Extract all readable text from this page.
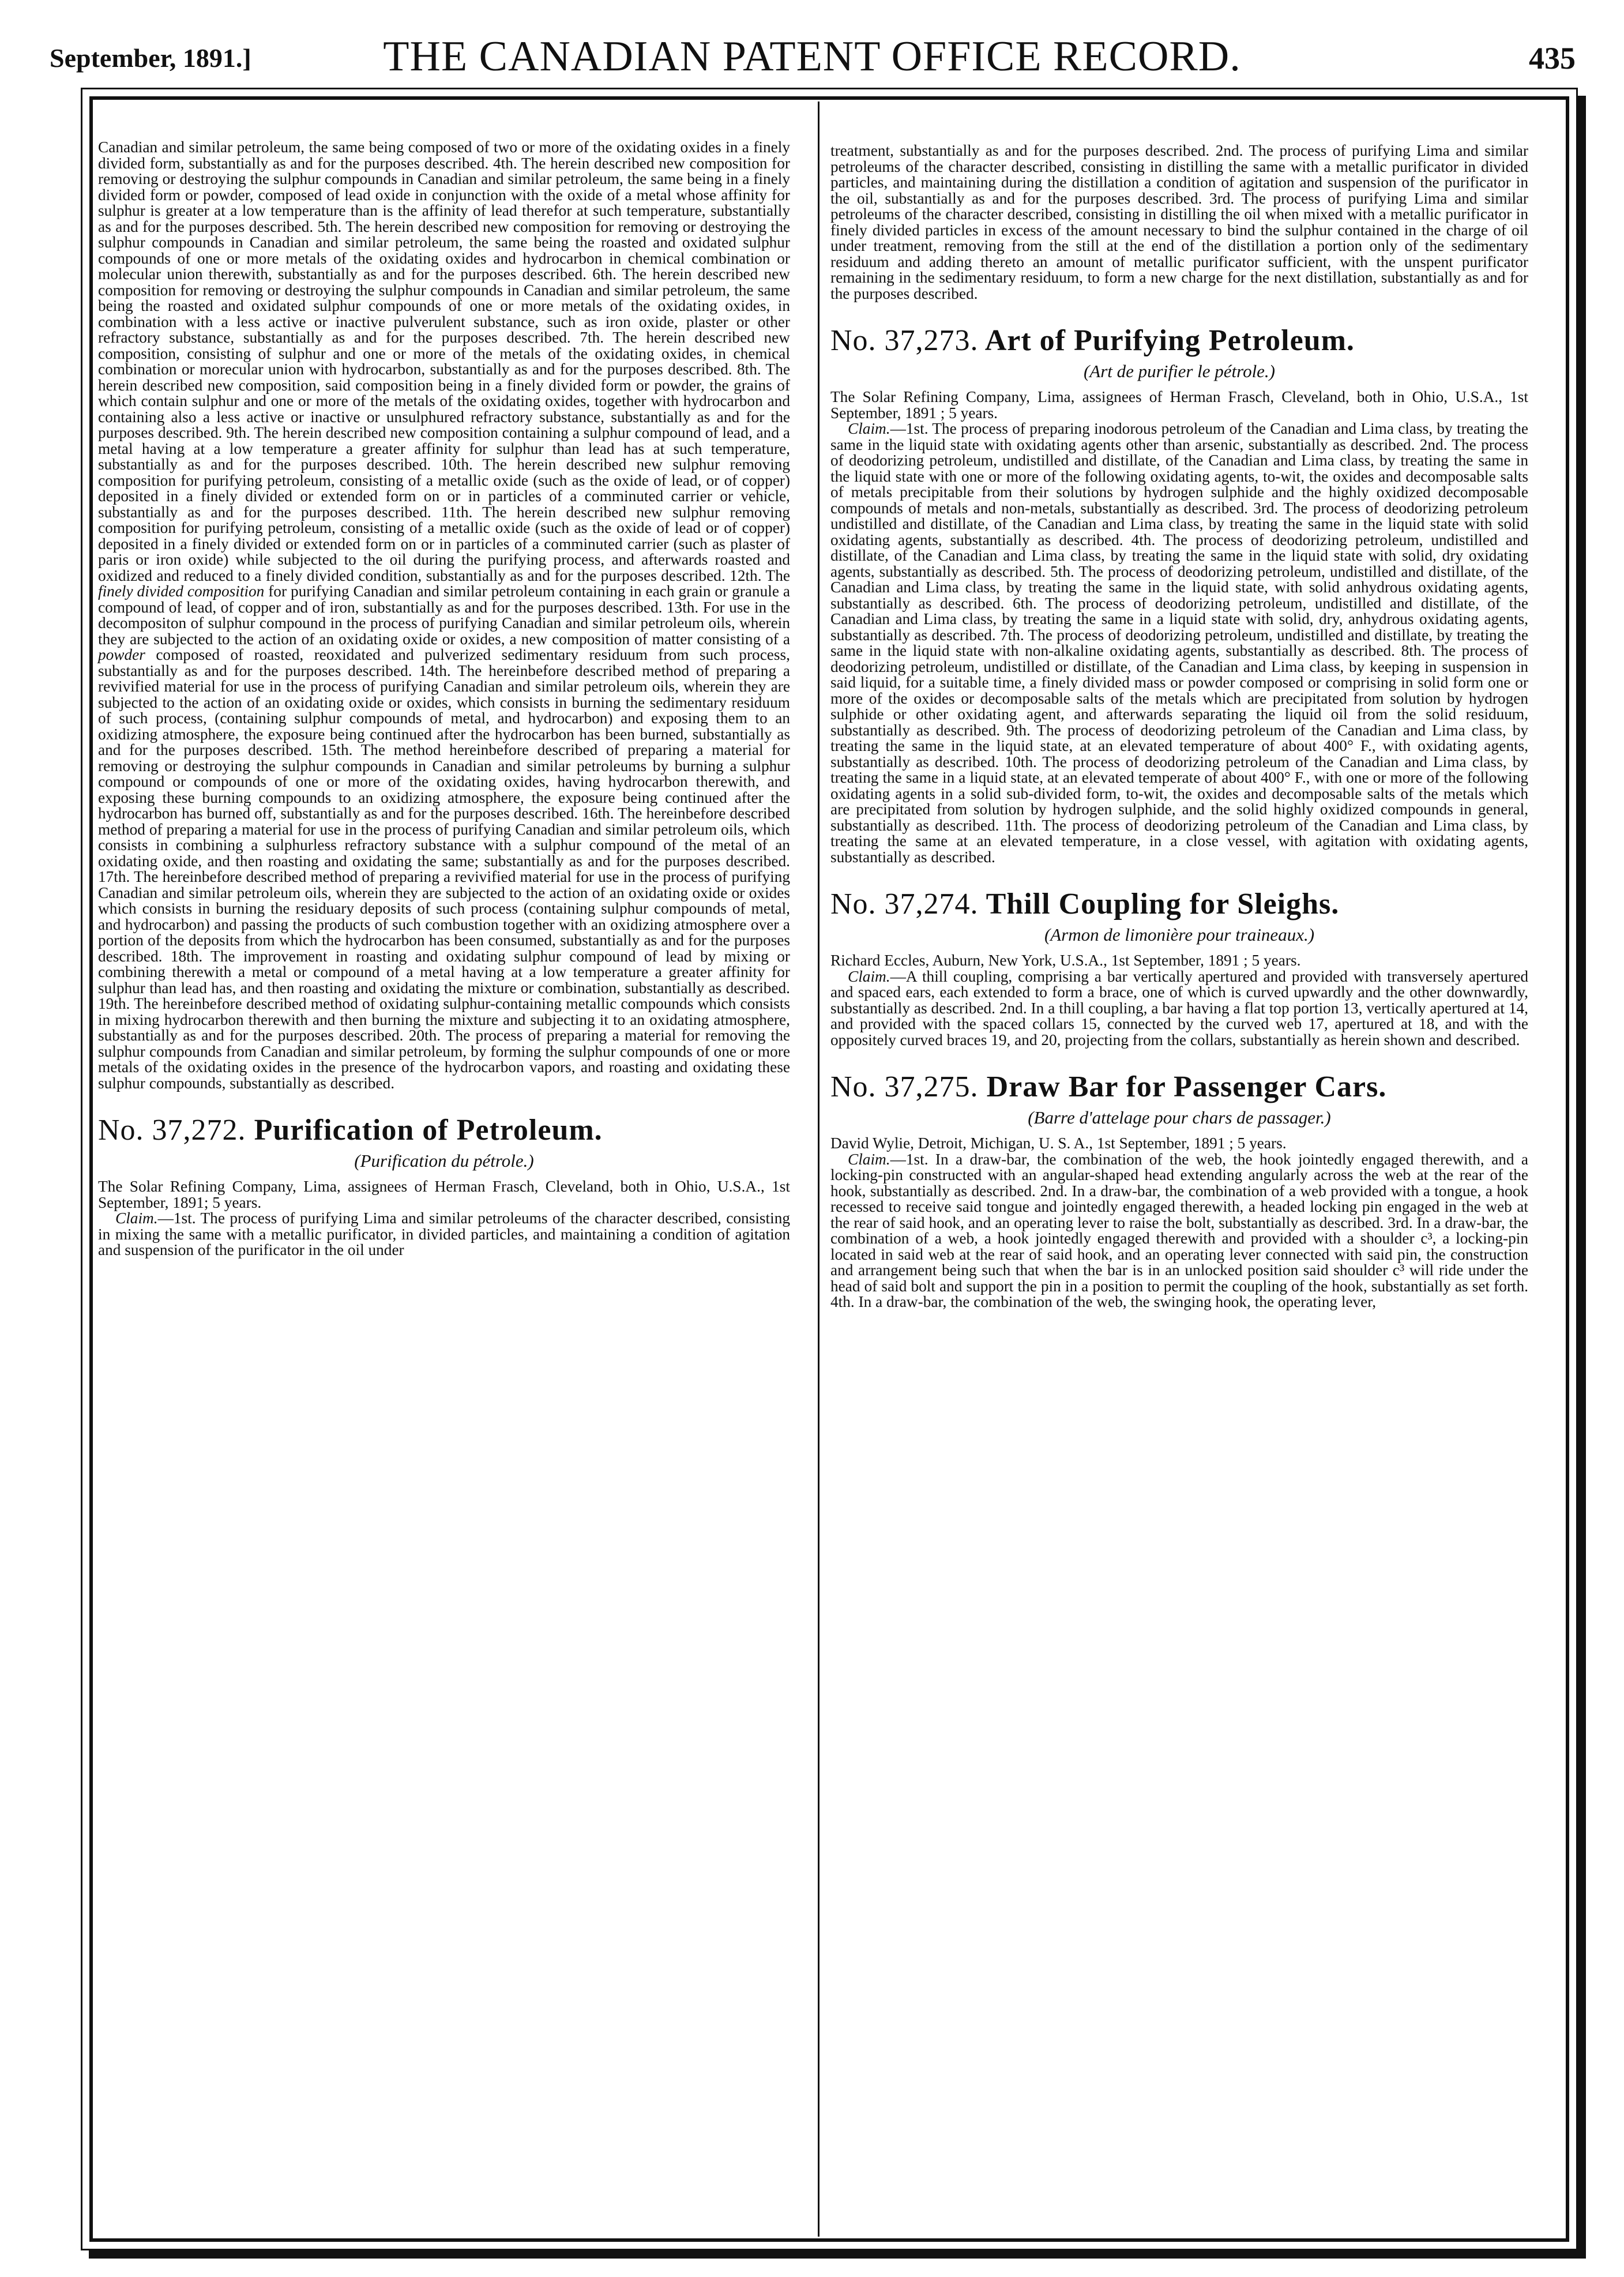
September, 1891.]	THE CANADIAN PATENT OFFICE RECORD.	435

Canadian and similar petroleum, the same being composed of two or more of the oxidating oxides in a finely divided form, substantially as and for the purposes described. 4th. The herein described new composition for removing or destroying the sulphur compounds in Canadian and similar petroleum, the same being in a finely divided form or powder, composed of lead oxide in conjunction with the oxide of a metal whose affinity for sulphur is greater at a low temperature than is the affinity of lead therefor at such temperature, substantially as and for the purposes described. 5th. The herein described new composition for removing or destroying the sulphur compounds in Canadian and similar petroleum, the same being the roasted and oxidated sulphur compounds of one or more metals of the oxidating oxides and hydrocarbon in chemical combination or molecular union therewith, substantially as and for the purposes described. 6th. The herein described new composition for removing or destroying the sulphur compounds in Canadian and similar petroleum, the same being the roasted and oxidated sulphur compounds of one or more metals of the oxidating oxides, in combination with a less active or inactive pulverulent substance, such as iron oxide, plaster or other refractory substance, substantially as and for the purposes described. 7th. The herein described new composition, consisting of sulphur and one or more of the metals of the oxidating oxides, in chemical combination or morecular union with hydrocarbon, substantially as and for the purposes described. 8th. The herein described new composition, said composition being in a finely divided form or powder, the grains of which contain sulphur and one or more of the metals of the oxidating oxides, together with hydrocarbon and containing also a less active or inactive or unsulphured refractory substance, substantially as and for the purposes described. 9th. The herein described new composition containing a sulphur compound of lead, and a metal having at a low temperature a greater affinity for sulphur than lead has at such temperature, substantially as and for the purposes described. 10th. The herein described new sulphur removing composition for purifying petroleum, consisting of a metallic oxide (such as the oxide of lead, or of copper) deposited in a finely divided or extended form on or in particles of a comminuted carrier or vehicle, substantially as and for the purposes described. 11th. The herein described new sulphur removing composition for purifying petroleum, consisting of a metallic oxide (such as the oxide of lead or of copper) deposited in a finely divided or extended form on or in particles of a comminuted carrier (such as plaster of paris or iron oxide) while subjected to the oil during the purifying process, and afterwards roasted and oxidized and reduced to a finely divided condition, substantially as and for the purposes described. 12th. The finely divided composition for purifying Canadian and similar petroleum containing in each grain or granule a compound of lead, of copper and of iron, substantially as and for the purposes described. 13th. For use in the decompositon of sulphur compound in the process of purifying Canadian and similar petroleum oils, wherein they are subjected to the action of an oxidating oxide or oxides, a new composition of matter consisting of a powder composed of roasted, reoxidated and pulverized sedimentary residuum from such process, substantially as and for the purposes described. 14th. The hereinbefore described method of preparing a revivified material for use in the process of purifying Canadian and similar petroleum oils, wherein they are subjected to the action of an oxidating oxide or oxides, which consists in burning the sedimentary residuum of such process, (containing sulphur compounds of metal, and hydrocarbon) and exposing them to an oxidizing atmosphere, the exposure being continued after the hydrocarbon has been burned, substantially as and for the purposes described. 15th. The method hereinbefore described of preparing a material for removing or destroying the sulphur compounds in Canadian and similar petroleums by burning a sulphur compound or compounds of one or more of the oxidating oxides, having hydrocarbon therewith, and exposing these burning compounds to an oxidizing atmosphere, the exposure being continued after the hydrocarbon has burned off, substantially as and for the purposes described. 16th. The hereinbefore described method of preparing a material for use in the process of purifying Canadian and similar petroleum oils, which consists in combining a sulphurless refractory substance with a sulphur compound of the metal of an oxidating oxide, and then roasting and oxidating the same; substantially as and for the purposes described. 17th. The hereinbefore described method of preparing a revivified material for use in the process of purifying Canadian and similar petroleum oils, wherein they are subjected to the action of an oxidating oxide or oxides which consists in burning the residuary deposits of such process (containing sulphur compounds of metal, and hydrocarbon) and passing the products of such combustion together with an oxidizing atmosphere over a portion of the deposits from which the hydrocarbon has been consumed, substantially as and for the purposes described. 18th. The improvement in roasting and oxidating sulphur compound of lead by mixing or combining therewith a metal or compound of a metal having at a low temperature a greater affinity for sulphur than lead has, and then roasting and oxidating the mixture or combination, substantially as described. 19th. The hereinbefore described method of oxidating sulphur-containing metallic compounds which consists in mixing hydrocarbon therewith and then burning the mixture and subjecting it to an oxidating atmosphere, substantially as and for the purposes described. 20th. The process of preparing a material for removing the sulphur compounds from Canadian and similar petroleum, by forming the sulphur compounds of one or more metals of the oxidating oxides in the presence of the hydrocarbon vapors, and roasting and oxidating these sulphur compounds, substantially as described.

No. 37,272. Purification of Petroleum.
(Purification du pétrole.)

The Solar Refining Company, Lima, assignees of Herman Frasch, Cleveland, both in Ohio, U.S.A., 1st September, 1891; 5 years.

Claim.—1st. The process of purifying Lima and similar petroleums of the character described, consisting in mixing the same with a metallic purificator, in divided particles, and maintaining a condition of agitation and suspension of the purificator in the oil under

treatment, substantially as and for the purposes described. 2nd. The process of purifying Lima and similar petroleums of the character described, consisting in distilling the same with a metallic purificator in divided particles, and maintaining during the distillation a condition of agitation and suspension of the purificator in the oil, substantially as and for the purposes described. 3rd. The process of purifying Lima and similar petroleums of the character described, consisting in distilling the oil when mixed with a metallic purificator in finely divided particles in excess of the amount necessary to bind the sulphur contained in the charge of oil under treatment, removing from the still at the end of the distillation a portion only of the sedimentary residuum and adding thereto an amount of metallic purificator sufficient, with the unspent purificator remaining in the sedimentary residuum, to form a new charge for the next distillation, substantially as and for the purposes described.

No. 37,273. Art of Purifying Petroleum.
(Art de purifier le pétrole.)

The Solar Refining Company, Lima, assignees of Herman Frasch, Cleveland, both in Ohio, U.S.A., 1st September, 1891 ; 5 years.

Claim.—1st. The process of preparing inodorous petroleum of the Canadian and Lima class, by treating the same in the liquid state with oxidating agents other than arsenic, substantially as described. 2nd. The process of deodorizing petroleum, undistilled and distillate, of the Canadian and Lima class, by treating the same in the liquid state with one or more of the following oxidating agents, to-wit, the oxides and decomposable salts of metals precipitable from their solutions by hydrogen sulphide and the highly oxidized decomposable compounds of metals and non-metals, substantially as described. 3rd. The process of deodorizing petroleum undistilled and distillate, of the Canadian and Lima class, by treating the same in the liquid state with solid oxidating agents, substantially as described. 4th. The process of deodorizing petroleum, undistilled and distillate, of the Canadian and Lima class, by treating the same in the liquid state with solid, dry oxidating agents, substantially as described. 5th. The process of deodorizing petroleum, undistilled and distillate, of the Canadian and Lima class, by treating the same in the liquid state, with solid anhydrous oxidating agents, substantially as described. 6th. The process of deodorizing petroleum, undistilled and distillate, of the Canadian and Lima class, by treating the same in a liquid state with solid, dry, anhydrous oxidating agents, substantially as described. 7th. The process of deodorizing petroleum, undistilled and distillate, by treating the same in the liquid state with non-alkaline oxidating agents, substantially as described. 8th. The process of deodorizing petroleum, undistilled or distillate, of the Canadian and Lima class, by keeping in suspension in said liquid, for a suitable time, a finely divided mass or powder composed or comprising in solid form one or more of the oxides or decomposable salts of the metals which are precipitated from solution by hydrogen sulphide or other oxidating agent, and afterwards separating the liquid oil from the solid residuum, substantially as described. 9th. The process of deodorizing petroleum of the Canadian and Lima class, by treating the same in the liquid state, at an elevated temperature of about 400° F., with oxidating agents, substantially as described. 10th. The process of deodorizing petroleum of the Canadian and Lima class, by treating the same in a liquid state, at an elevated temperate of about 400° F., with one or more of the following oxidating agents in a solid sub-divided form, to-wit, the oxides and decomposable salts of the metals which are precipitated from solution by hydrogen sulphide, and the solid highly oxidized compounds in general, substantially as described. 11th. The process of deodorizing petroleum of the Canadian and Lima class, by treating the same at an elevated temperature, in a close vessel, with agitation with oxidating agents, substantially as described.

No. 37,274. Thill Coupling for Sleighs.
(Armon de limonière pour traineaux.)

Richard Eccles, Auburn, New York, U.S.A., 1st September, 1891 ; 5 years.

Claim.—A thill coupling, comprising a bar vertically apertured and provided with transversely apertured and spaced ears, each extended to form a brace, one of which is curved upwardly and the other downwardly, substantially as described. 2nd. In a thill coupling, a bar having a flat top portion 13, vertically apertured at 14, and provided with the spaced collars 15, connected by the curved web 17, apertured at 18, and with the oppositely curved braces 19, and 20, projecting from the collars, substantially as herein shown and described.

No. 37,275. Draw Bar for Passenger Cars.
(Barre d'attelage pour chars de passager.)

David Wylie, Detroit, Michigan, U. S. A., 1st September, 1891 ; 5 years.

Claim.—1st. In a draw-bar, the combination of the web, the hook jointedly engaged therewith, and a locking-pin constructed with an angular-shaped head extending angularly across the web at the rear of the hook, substantially as described. 2nd. In a draw-bar, the combination of a web provided with a tongue, a hook recessed to receive said tongue and jointedly engaged therewith, a headed locking pin engaged in the web at the rear of said hook, and an operating lever to raise the bolt, substantially as described. 3rd. In a draw-bar, the combination of a web, a hook jointedly engaged therewith and provided with a shoulder c³, a locking-pin located in said web at the rear of said hook, and an operating lever connected with said pin, the construction and arrangement being such that when the bar is in an unlocked position said shoulder c³ will ride under the head of said bolt and support the pin in a position to permit the coupling of the hook, substantially as set forth. 4th. In a draw-bar, the combination of the web, the swinging hook, the operating lever,
